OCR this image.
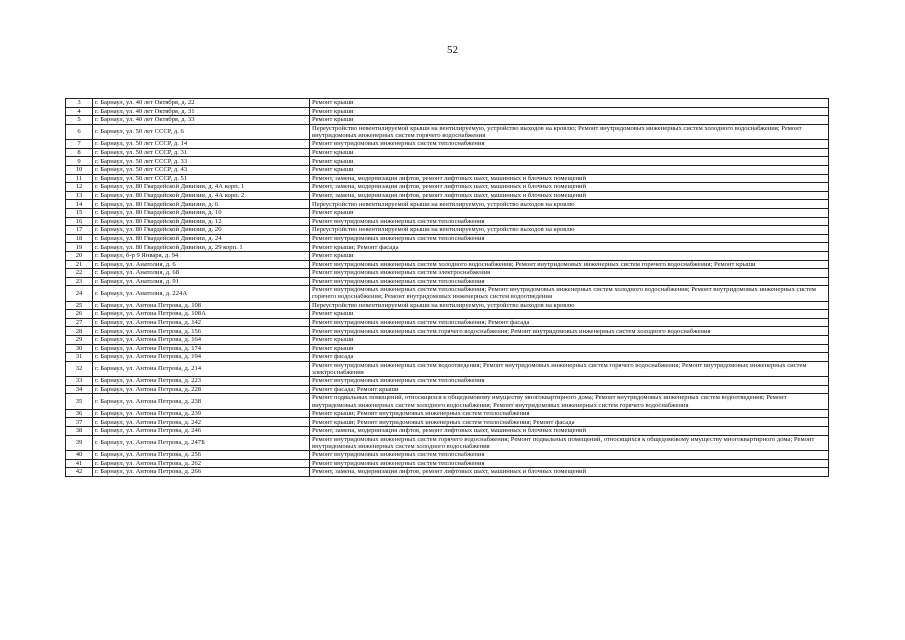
52
3	г. Барнаул, ул. 40 лет Октября, д. 22	Ремонт крыши
4	г. Барнаул, ул. 40 лет Октября, д. 31	Ремонт крыши
5	г. Барнаул, ул. 40 лет Октября, д. 33	Ремонт крыши
6	г. Барнаул, ул. 50 лет СССР, д. 6	Переустройство невентилируемой крыши на вентилируемую, устройство выходов на кровлю; Ремонт внутридомовых инженерных систем холодного водоснабжения; Ремонт внутридомовых инженерных систем горячего водоснабжения
7	г. Барнаул, ул. 50 лет СССР, д. 14	Ремонт внутридомовых инженерных систем теплоснабжения
8	г. Барнаул, ул. 50 лет СССР, д. 31	Ремонт крыши
9	г. Барнаул, ул. 50 лет СССР, д. 33	Ремонт крыши
10	г. Барнаул, ул. 50 лет СССР, д. 43	Ремонт крыши
11	г. Барнаул, ул. 50 лет СССР, д. 51	Ремонт, замена, модернизация лифтов, ремонт лифтовых шахт, машинных и блочных помещений
12	г. Барнаул, ул. 80 Гвардейской Дивизии, д. 4А корп. 1	Ремонт, замена, модернизация лифтов, ремонт лифтовых шахт, машинных и блочных помещений
13	г. Барнаул, ул. 80 Гвардейской Дивизии, д. 4А корп. 2	Ремонт, замена, модернизация лифтов, ремонт лифтовых шахт, машинных и блочных помещений
14	г. Барнаул, ул. 80 Гвардейской Дивизии, д. 6	Переустройство невентилируемой крыши на вентилируемую, устройство выходов на кровлю
15	г. Барнаул, ул. 80 Гвардейской Дивизии, д. 10	Ремонт крыши
16	г. Барнаул, ул. 80 Гвардейской Дивизии, д. 12	Ремонт внутридомовых инженерных систем теплоснабжения
17	г. Барнаул, ул. 80 Гвардейской Дивизии, д. 20	Переустройство невентилируемой крыши на вентилируемую, устройство выходов на кровлю
18	г. Барнаул, ул. 80 Гвардейской Дивизии, д. 24	Ремонт внутридомовых инженерных систем теплоснабжения
19	г. Барнаул, ул. 80 Гвардейской Дивизии, д. 29 корп. 1	Ремонт крыши; Ремонт фасада
20	г. Барнаул, б-р 9 Января, д. 94	Ремонт крыши
21	г. Барнаул, ул. Анатолия, д. 6	Ремонт внутридомовых инженерных систем холодного водоснабжения; Ремонт внутридомовых инженерных систем горячего водоснабжения; Ремонт крыши
22	г. Барнаул, ул. Анатолия, д. 68	Ремонт внутридомовых инженерных систем электроснабжения
23	г. Барнаул, ул. Анатолия, д. 91	Ремонт внутридомовых инженерных систем теплоснабжения
24	г. Барнаул, ул. Анатолия, д. 224А	Ремонт внутридомовых инженерных систем теплоснабжения; Ремонт внутридомовых инженерных систем холодного водоснабжения; Ремонт внутридомовых инженерных систем горячего водоснабжения; Ремонт внутридомовых инженерных систем водоотведения
25	г. Барнаул, ул. Антона Петрова, д. 108	Переустройство невентилируемой крыши на вентилируемую, устройство выходов на кровлю
26	г. Барнаул, ул. Антона Петрова, д. 108А	Ремонт крыши
27	г. Барнаул, ул. Антона Петрова, д. 142	Ремонт внутридомовых инженерных систем теплоснабжения; Ремонт фасада
28	г. Барнаул, ул. Антона Петрова, д. 156	Ремонт внутридомовых инженерных систем горячего водоснабжения; Ремонт внутридомовых инженерных систем холодного водоснабжения
29	г. Барнаул, ул. Антона Петрова, д. 164	Ремонт крыши
30	г. Барнаул, ул. Антона Петрова, д. 174	Ремонт крыши
31	г. Барнаул, ул. Антона Петрова, д. 194	Ремонт фасада
32	г. Барнаул, ул. Антона Петрова, д. 214	Ремонт внутридомовых инженерных систем водоотведения; Ремонт внутридомовых инженерных систем горячего водоснабжения; Ремонт внутридомовых инженерных систем электроснабжения
33	г. Барнаул, ул. Антона Петрова, д. 223	Ремонт внутридомовых инженерных систем теплоснабжения
34	г. Барнаул, ул. Антона Петрова, д. 228	Ремонт фасада; Ремонт крыши
35	г. Барнаул, ул. Антона Петрова, д. 238	Ремонт подвальных помещений, относящихся к общедомовому имуществу многоквартирного дома; Ремонт внутридомовых инженерных систем водоотведения; Ремонт внутридомовых инженерных систем холодного водоснабжения; Ремонт внутридомовых инженерных систем горячего водоснабжения
36	г. Барнаул, ул. Антона Петрова, д. 239	Ремонт крыши; Ремонт внутридомовых инженерных систем теплоснабжения
37	г. Барнаул, ул. Антона Петрова, д. 242	Ремонт крыши; Ремонт внутридомовых инженерных систем теплоснабжения; Ремонт фасада
38	г. Барнаул, ул. Антона Петрова, д. 246	Ремонт, замена, модернизация лифтов, ремонт лифтовых шахт, машинных и блочных помещений
39	г. Барнаул, ул. Антона Петрова, д. 247Б	Ремонт внутридомовых инженерных систем горячего водоснабжения; Ремонт подвальных помещений, относящихся к общедомовому имуществу многоквартирного дома; Ремонт внутридомовых инженерных систем холодного водоснабжения
40	г. Барнаул, ул. Антона Петрова, д. 256	Ремонт внутридомовых инженерных систем теплоснабжения
41	г. Барнаул, ул. Антона Петрова, д. 262	Ремонт внутридомовых инженерных систем теплоснабжения
42	г. Барнаул, ул. Антона Петрова, д. 266	Ремонт, замена, модернизация лифтов, ремонт лифтовых шахт, машинных и блочных помещений
